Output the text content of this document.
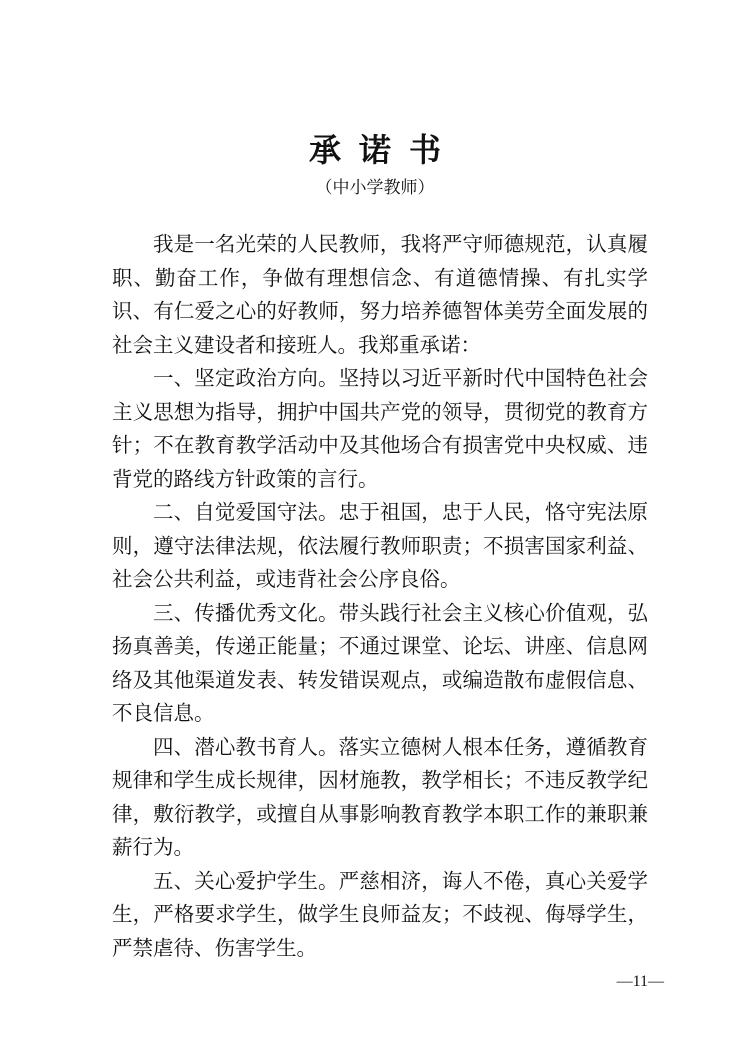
承诺书
（中小学教师）

我是一名光荣的人民教师，我将严守师德规范，认真履职、勤奋工作，争做有理想信念、有道德情操、有扎实学识、有仁爱之心的好教师，努力培养德智体美劳全面发展的社会主义建设者和接班人。我郑重承诺：

一、坚定政治方向。坚持以习近平新时代中国特色社会主义思想为指导，拥护中国共产党的领导，贯彻党的教育方针；不在教育教学活动中及其他场合有损害党中央权威、违背党的路线方针政策的言行。

二、自觉爱国守法。忠于祖国，忠于人民，恪守宪法原则，遵守法律法规，依法履行教师职责；不损害国家利益、社会公共利益，或违背社会公序良俗。

三、传播优秀文化。带头践行社会主义核心价值观，弘扬真善美，传递正能量；不通过课堂、论坛、讲座、信息网络及其他渠道发表、转发错误观点，或编造散布虚假信息、不良信息。

四、潜心教书育人。落实立德树人根本任务，遵循教育规律和学生成长规律，因材施教，教学相长；不违反教学纪律，敷衍教学，或擅自从事影响教育教学本职工作的兼职兼薪行为。

五、关心爱护学生。严慈相济，诲人不倦，真心关爱学生，严格要求学生，做学生良师益友；不歧视、侮辱学生，严禁虐待、伤害学生。

—11—
